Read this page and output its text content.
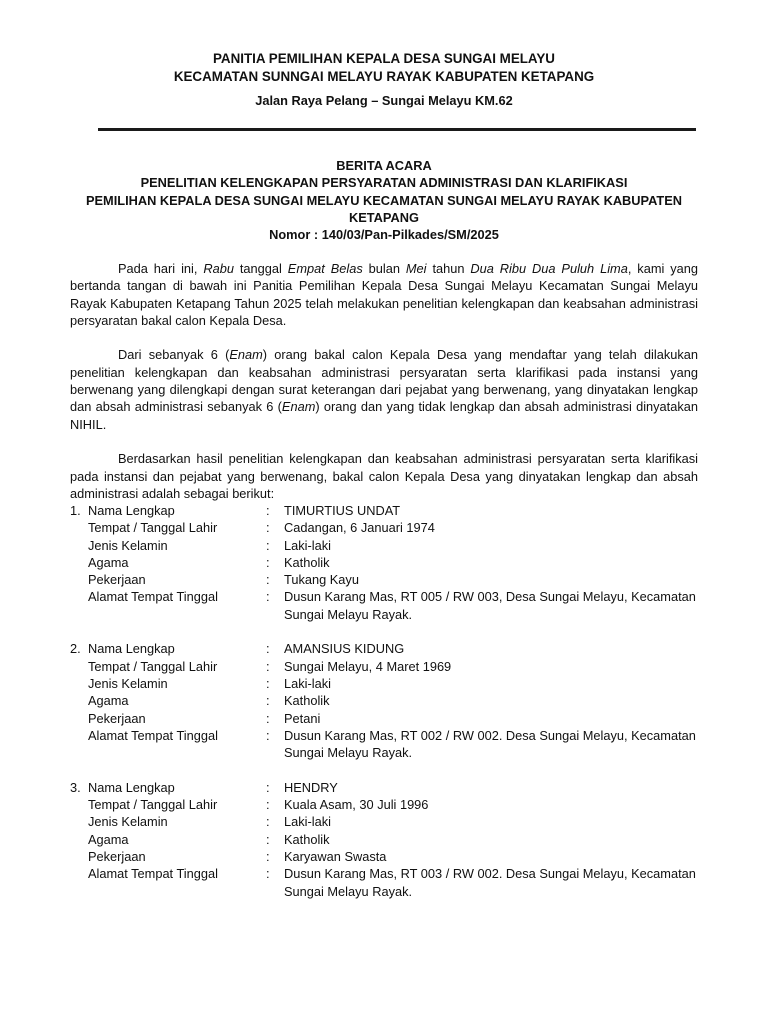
PANITIA PEMILIHAN KEPALA DESA SUNGAI MELAYU
KECAMATAN SUNNGAI MELAYU RAYAK KABUPATEN KETAPANG
Jalan Raya Pelang – Sungai Melayu KM.62
BERITA ACARA
PENELITIAN KELENGKAPAN PERSYARATAN ADMINISTRASI DAN KLARIFIKASI
PEMILIHAN KEPALA DESA SUNGAI MELAYU KECAMATAN SUNGAI MELAYU RAYAK KABUPATEN
KETAPANG
Nomor : 140/03/Pan-Pilkades/SM/2025

Pada hari ini, Rabu tanggal Empat Belas bulan Mei tahun Dua Ribu Dua Puluh Lima, kami yang bertanda tangan di bawah ini Panitia Pemilihan Kepala Desa Sungai Melayu Kecamatan Sungai Melayu Rayak Kabupaten Ketapang Tahun 2025 telah melakukan penelitian kelengkapan dan keabsahan administrasi persyaratan bakal calon Kepala Desa.

Dari sebanyak 6 (Enam) orang bakal calon Kepala Desa yang mendaftar yang telah dilakukan penelitian kelengkapan dan keabsahan administrasi persyaratan serta klarifikasi pada instansi yang berwenang yang dilengkapi dengan surat keterangan dari pejabat yang berwenang, yang dinyatakan lengkap dan absah administrasi sebanyak 6 (Enam) orang dan yang tidak lengkap dan absah administrasi dinyatakan NIHIL.

Berdasarkan hasil penelitian kelengkapan dan keabsahan administrasi persyaratan serta klarifikasi pada instansi dan pejabat yang berwenang, bakal calon Kepala Desa yang dinyatakan lengkap dan absah administrasi adalah sebagai berikut:

1. Nama Lengkap	:	TIMURTIUS UNDAT
Tempat / Tanggal Lahir	:	Cadangan, 6 Januari 1974
Jenis Kelamin	:	Laki-laki
Agama	:	Katholik
Pekerjaan	:	Tukang Kayu
Alamat Tempat Tinggal	:	Dusun Karang Mas, RT 005 / RW 003, Desa Sungai Melayu, Kecamatan
Sungai Melayu Rayak.
2. Nama Lengkap	:	AMANSIUS KIDUNG
Tempat / Tanggal Lahir	:	Sungai Melayu, 4 Maret 1969
Jenis Kelamin	:	Laki-laki
Agama	:	Katholik
Pekerjaan	:	Petani
Alamat Tempat Tinggal	:	Dusun Karang Mas, RT 002 / RW 002. Desa Sungai Melayu, Kecamatan
Sungai Melayu Rayak.
3. Nama Lengkap	:	HENDRY
Tempat / Tanggal Lahir	:	Kuala Asam, 30 Juli 1996
Jenis Kelamin	:	Laki-laki
Agama	:	Katholik
Pekerjaan	:	Karyawan Swasta
Alamat Tempat Tinggal	:	Dusun Karang Mas, RT 003 / RW 002. Desa Sungai Melayu, Kecamatan
Sungai Melayu Rayak.
